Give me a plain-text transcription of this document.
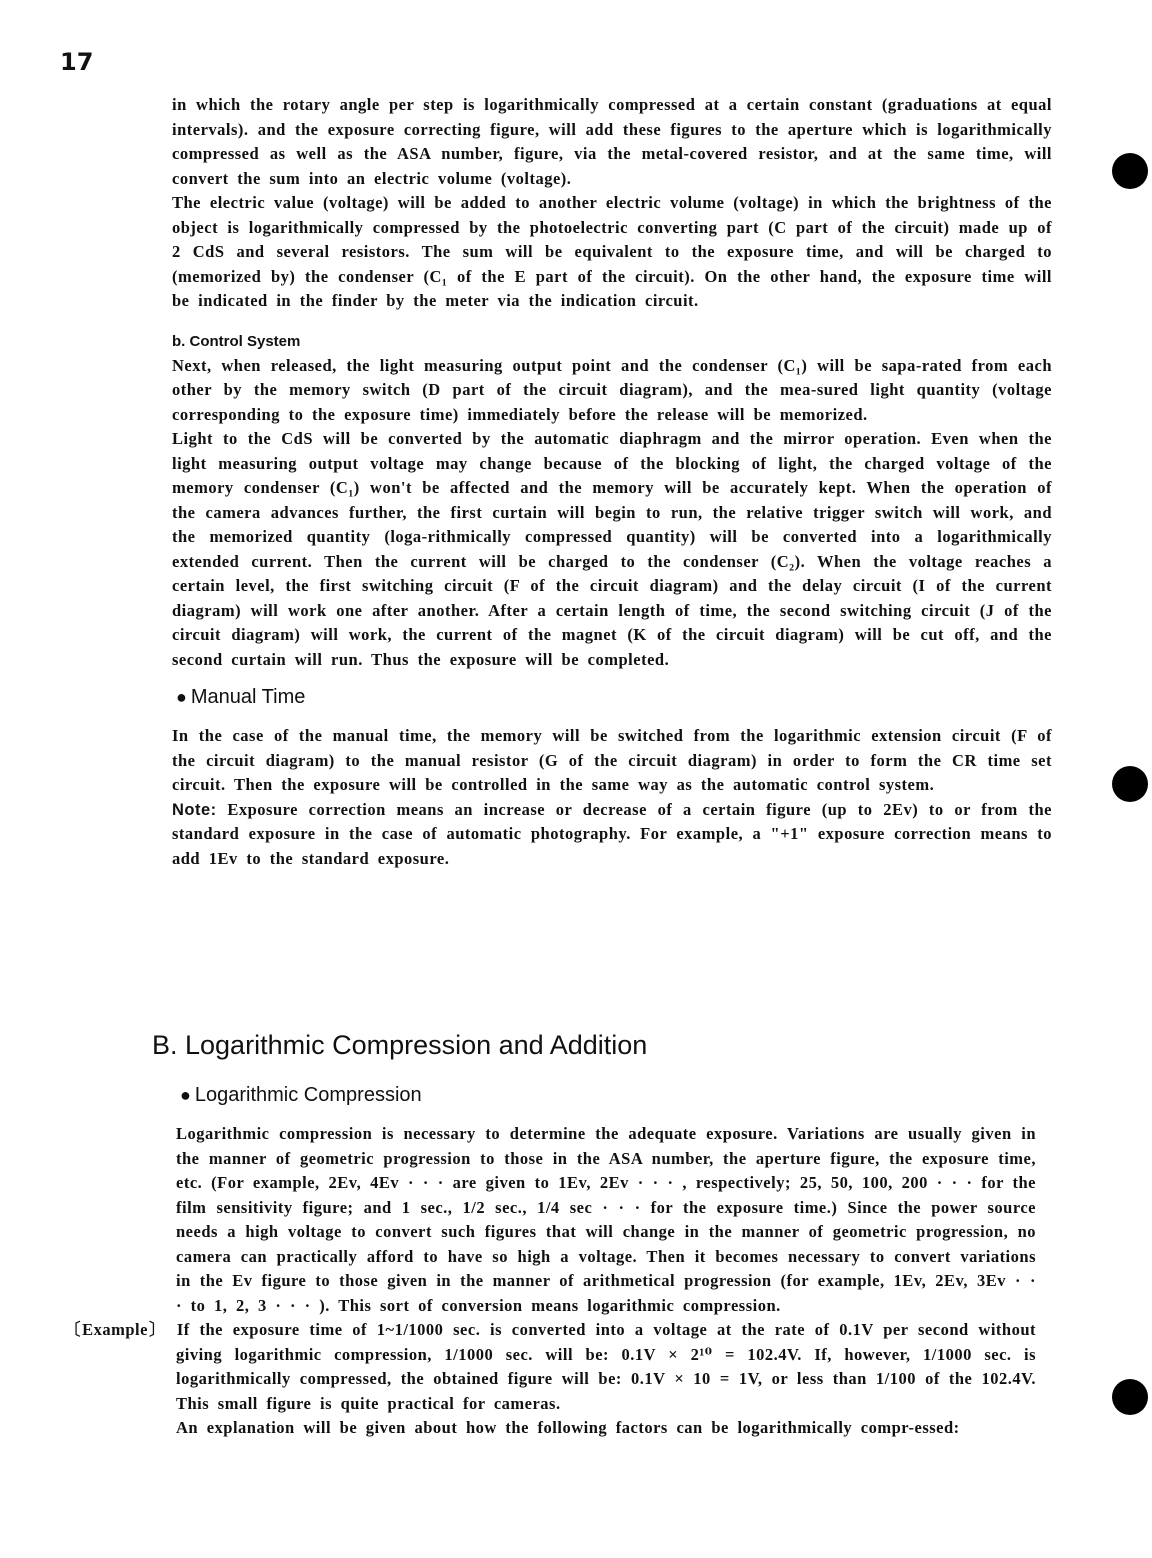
17

in which the rotary angle per step is logarithmically compressed at a certain constant (graduations at equal intervals). and the exposure correcting figure, will add these figures to the aperture which is logarithmically compressed as well as the ASA number, figure, via the metal-covered resistor, and at the same time, will convert the sum into an electric volume (voltage).

The electric value (voltage) will be added to another electric volume (voltage) in which the brightness of the object is logarithmically compressed by the photoelectric converting part (C part of the circuit) made up of 2 CdS and several resistors. The sum will be equivalent to the exposure time, and will be charged to (memorized by) the condenser (C₁ of the E part of the circuit). On the other hand, the exposure time will be indicated in the finder by the meter via the indication circuit.

b. Control System

Next, when released, the light measuring output point and the condenser (C₁) will be sapa-rated from each other by the memory switch (D part of the circuit diagram), and the mea-sured light quantity (voltage corresponding to the exposure time) immediately before the release will be memorized.

Light to the CdS will be converted by the automatic diaphragm and the mirror operation. Even when the light measuring output voltage may change because of the blocking of light, the charged voltage of the memory condenser (C₁) won't be affected and the memory will be accurately kept. When the operation of the camera advances further, the first curtain will begin to run, the relative trigger switch will work, and the memorized quantity (loga-rithmically compressed quantity) will be converted into a logarithmically extended current. Then the current will be charged to the condenser (C₂). When the voltage reaches a certain level, the first switching circuit (F of the circuit diagram) and the delay circuit (I of the current diagram) will work one after another. After a certain length of time, the second switching circuit (J of the circuit diagram) will work, the current of the magnet (K of the circuit diagram) will be cut off, and the second curtain will run. Thus the exposure will be completed.

● Manual Time

In the case of the manual time, the memory will be switched from the logarithmic extension circuit (F of the circuit diagram) to the manual resistor (G of the circuit diagram) in order to form the CR time set circuit. Then the exposure will be controlled in the same way as the automatic control system.

Note: Exposure correction means an increase or decrease of a certain figure (up to 2Ev) to or from the standard exposure in the case of automatic photography. For example, a "+1" exposure correction means to add 1Ev to the standard exposure.

B. Logarithmic Compression and Addition
● Logarithmic Compression

Logarithmic compression is necessary to determine the adequate exposure. Variations are usually given in the manner of geometric progression to those in the ASA number, the aperture figure, the exposure time, etc. (For example, 2Ev, 4Ev · · · are given to 1Ev, 2Ev · · · , respectively; 25, 50, 100, 200 · · · for the film sensitivity figure; and 1 sec., 1/2 sec., 1/4 sec · · · for the exposure time.) Since the power source needs a high voltage to convert such figures that will change in the manner of geometric progression, no camera can practically afford to have so high a voltage. Then it becomes necessary to convert variations in the Ev figure to those given in the manner of arithmetical progression (for example, 1Ev, 2Ev, 3Ev · · · to 1, 2, 3 · · · ). This sort of conversion means logarithmic compression.

〔Example〕 If the exposure time of 1~1/1000 sec. is converted into a voltage at the rate of 0.1V per second without giving logarithmic compression, 1/1000 sec. will be: 0.1V × 2¹⁰ = 102.4V. If, however, 1/1000 sec. is logarithmically compressed, the obtained figure will be: 0.1V × 10 = 1V, or less than 1/100 of the 102.4V. This small figure is quite practical for cameras.

An explanation will be given about how the following factors can be logarithmically compr-essed:
